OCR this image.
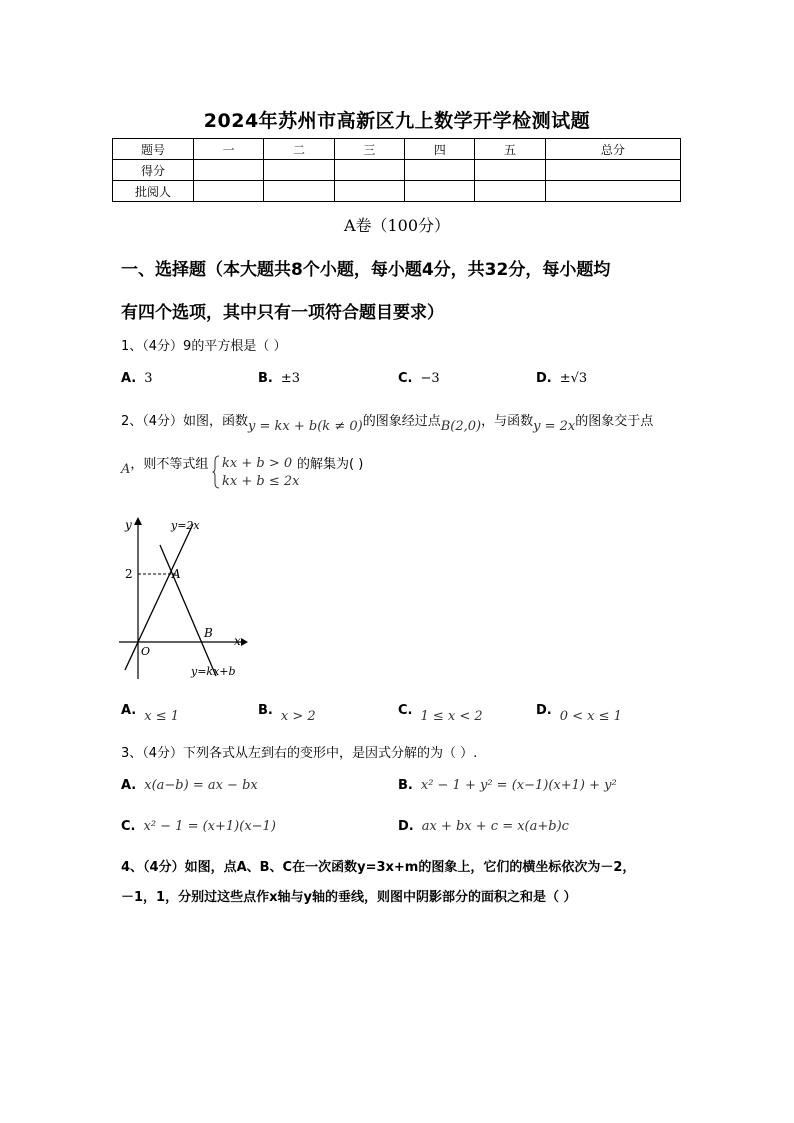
2024年苏州市高新区九上数学开学检测试题
题号	一	二	三	四	五	总分
得分						
批阅人						
A卷（100分）
一、选择题（本大题共8个小题，每小题4分，共32分，每小题均
有四个选项，其中只有一项符合题目要求）
1、（4分）9的平方根是（ ）
A. 3	B. ±3	C. −3	D. ±√3
2、（4分）如图，函数y = kx + b(k ≠ 0)的图象经过点B(2,0)，与函数y = 2x的图象交于点
A，则不等式组 kx + b > 0
kx + b ≤ 2x
的解集为( )
y
x
O
2	A
B
y=2x
y=kx+b
A. x ≤ 1	B. x > 2	C. 1 ≤ x < 2	D. 0 < x ≤ 1
3、（4分）下列各式从左到右的变形中，是因式分解的为（ ）.
A. x(a−b) = ax − bx	B. x² − 1 + y² = (x−1)(x+1) + y²
C. x² − 1 = (x+1)(x−1)	D. ax + bx + c = x(a+b)c
4、（4分）如图，点A、B、C在一次函数y=3x+m的图象上，它们的横坐标依次为－2，
－1，1，分别过这些点作x轴与y轴的垂线，则图中阴影部分的面积之和是（ ）
